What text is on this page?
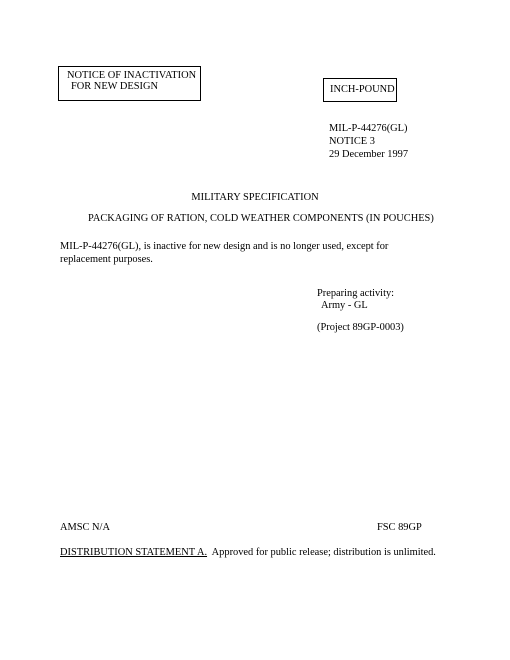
NOTICE OF INACTIVATION
FOR NEW DESIGN	INCH-POUND
MIL-P-44276(GL)
NOTICE 3
29 December 1997
MILITARY SPECIFICATION
PACKAGING OF RATION, COLD WEATHER COMPONENTS (IN POUCHES)
MIL-P-44276(GL), is inactive for new design and is no longer used, except for replacement purposes.
Preparing activity:
Army - GL
(Project 89GP-0003)
AMSC N/A	FSC 89GP
DISTRIBUTION STATEMENT A. Approved for public release; distribution is unlimited.
